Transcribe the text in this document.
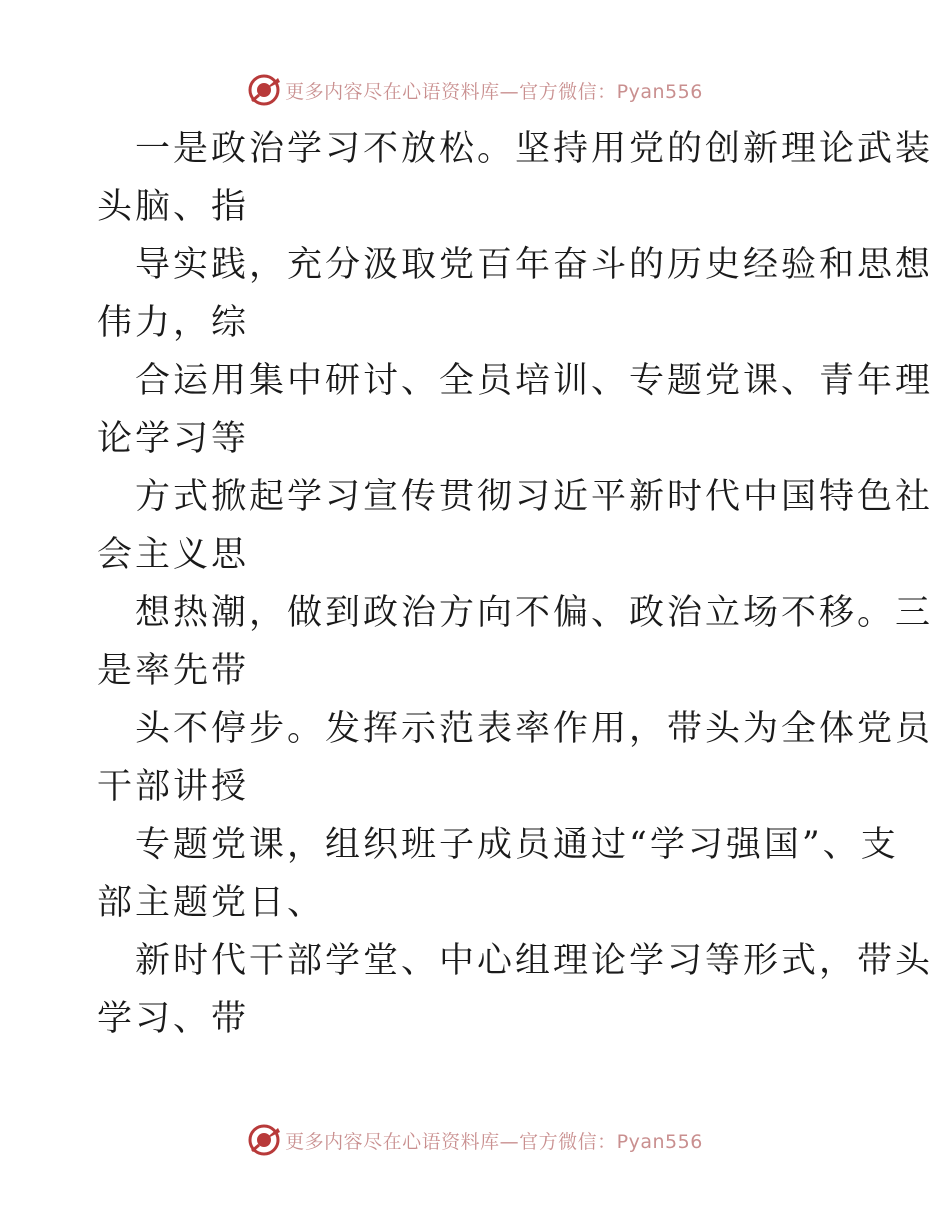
更多内容尽在心语资料库—官方微信：Pyan556
一是政治学习不放松。坚持用党的创新理论武装
头脑、指
导实践，充分汲取党百年奋斗的历史经验和思想
伟力，综
合运用集中研讨、全员培训、专题党课、青年理
论学习等
方式掀起学习宣传贯彻习近平新时代中国特色社
会主义思
想热潮，做到政治方向不偏、政治立场不移。三
是率先带
头不停步。发挥示范表率作用，带头为全体党员
干部讲授
专题党课，组织班子成员通过“学习强国”、支
部主题党日、
新时代干部学堂、中心组理论学习等形式，带头
学习、带
更多内容尽在心语资料库—官方微信：Pyan556
